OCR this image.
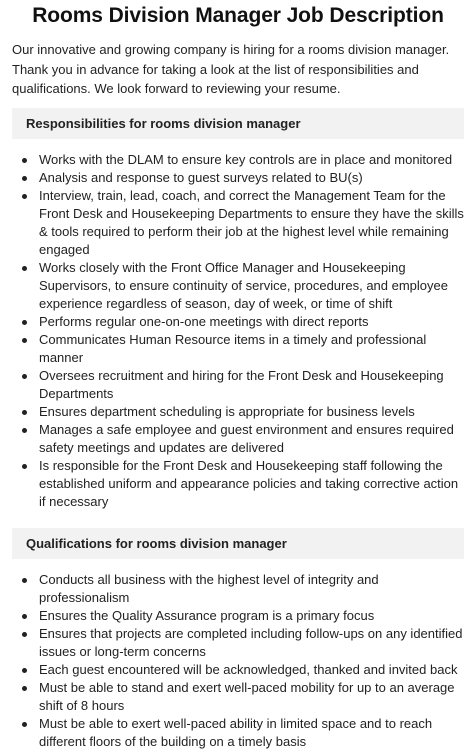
Rooms Division Manager Job Description

Our innovative and growing company is hiring for a rooms division manager. Thank you in advance for taking a look at the list of responsibilities and qualifications. We look forward to reviewing your resume.

Responsibilities for rooms division manager
Works with the DLAM to ensure key controls are in place and monitored
Analysis and response to guest surveys related to BU(s)
Interview, train, lead, coach, and correct the Management Team for the Front Desk and Housekeeping Departments to ensure they have the skills & tools required to perform their job at the highest level while remaining engaged
Works closely with the Front Office Manager and Housekeeping Supervisors, to ensure continuity of service, procedures, and employee experience regardless of season, day of week, or time of shift
Performs regular one-on-one meetings with direct reports
Communicates Human Resource items in a timely and professional manner
Oversees recruitment and hiring for the Front Desk and Housekeeping Departments
Ensures department scheduling is appropriate for business levels
Manages a safe employee and guest environment and ensures required safety meetings and updates are delivered
Is responsible for the Front Desk and Housekeeping staff following the established uniform and appearance policies and taking corrective action if necessary
Qualifications for rooms division manager
Conducts all business with the highest level of integrity and professionalism
Ensures the Quality Assurance program is a primary focus
Ensures that projects are completed including follow-ups on any identified issues or long-term concerns
Each guest encountered will be acknowledged, thanked and invited back
Must be able to stand and exert well-paced mobility for up to an average shift of 8 hours
Must be able to exert well-paced ability in limited space and to reach different floors of the building on a timely basis
